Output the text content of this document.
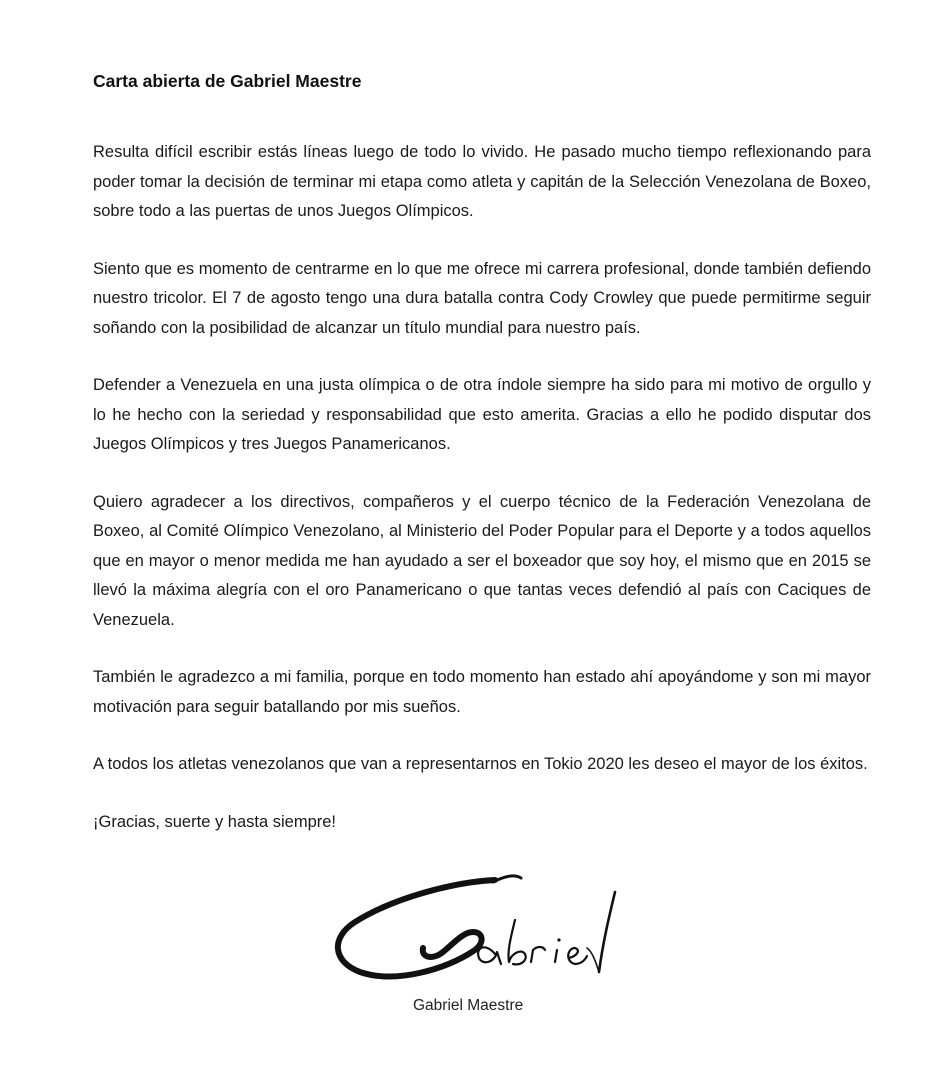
Carta abierta de Gabriel Maestre

Resulta difícil escribir estás líneas luego de todo lo vivido. He pasado mucho tiempo reflexionando para poder tomar la decisión de terminar mi etapa como atleta y capitán de la Selección Venezolana de Boxeo, sobre todo a las puertas de unos Juegos Olímpicos.

Siento que es momento de centrarme en lo que me ofrece mi carrera profesional, donde también defiendo nuestro tricolor. El 7 de agosto tengo una dura batalla contra Cody Crowley que puede permitirme seguir soñando con la posibilidad de alcanzar un título mundial para nuestro país.

Defender a Venezuela en una justa olímpica o de otra índole siempre ha sido para mi motivo de orgullo y lo he hecho con la seriedad y responsabilidad que esto amerita. Gracias a ello he podido disputar dos Juegos Olímpicos y tres Juegos Panamericanos.

Quiero agradecer a los directivos, compañeros y el cuerpo técnico de la Federación Venezolana de Boxeo, al Comité Olímpico Venezolano, al Ministerio del Poder Popular para el Deporte y a todos aquellos que en mayor o menor medida me han ayudado a ser el boxeador que soy hoy, el mismo que en 2015 se llevó la máxima alegría con el oro Panamericano o que tantas veces defendió al país con Caciques de Venezuela.

También le agradezco a mi familia, porque en todo momento han estado ahí apoyándome y son mi mayor motivación para seguir batallando por mis sueños.

A todos los atletas venezolanos que van a representarnos en Tokio 2020 les deseo el mayor de los éxitos.

¡Gracias, suerte y hasta siempre!

Gabriel Maestre
